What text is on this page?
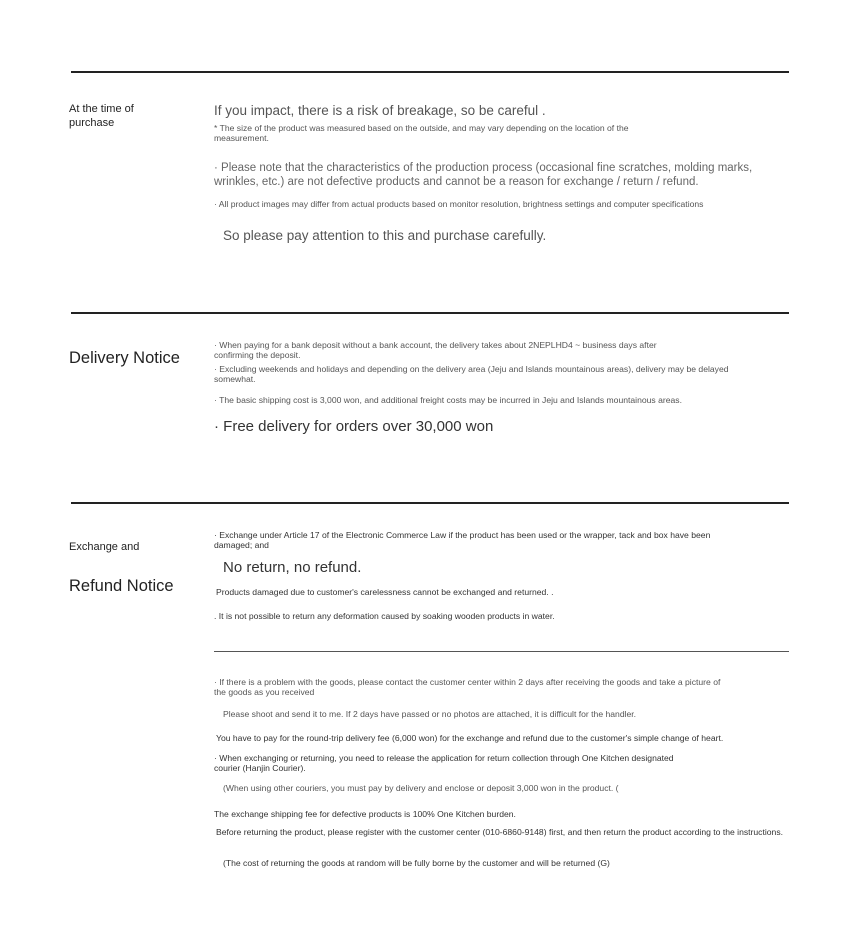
At the time of purchase

If you impact, there is a risk of breakage, so be careful .

* The size of the product was measured based on the outside, and may vary depending on the location of the measurement.

· Please note that the characteristics of the production process (occasional fine scratches, molding marks, wrinkles, etc.) are not defective products and cannot be a reason for exchange / return / refund.

· All product images may differ from actual products based on monitor resolution, brightness settings and computer specifications

So please pay attention to this and purchase carefully.

Delivery Notice

· When paying for a bank deposit without a bank account, the delivery takes about 2NEPLHD4 ~ business days after confirming the deposit.

· Excluding weekends and holidays and depending on the delivery area (Jeju and Islands mountainous areas), delivery may be delayed somewhat.

· The basic shipping cost is 3,000 won, and additional freight costs may be incurred in Jeju and Islands mountainous areas.

· Free delivery for orders over 30,000 won

Exchange and

Refund Notice

· Exchange under Article 17 of the Electronic Commerce Law if the product has been used or the wrapper, tack and box have been damaged; and

No return, no refund.

Products damaged due to customer's carelessness cannot be exchanged and returned. .

. It is not possible to return any deformation caused by soaking wooden products in water.

· If there is a problem with the goods, please contact the customer center within 2 days after receiving the goods and take a picture of the goods as you received

Please shoot and send it to me. If 2 days have passed or no photos are attached, it is difficult for the handler.

You have to pay for the round-trip delivery fee (6,000 won) for the exchange and refund due to the customer's simple change of heart.

· When exchanging or returning, you need to release the application for return collection through One Kitchen designated courier (Hanjin Courier).

(When using other couriers, you must pay by delivery and enclose or deposit 3,000 won in the product. (

The exchange shipping fee for defective products is 100% One Kitchen burden.

Before returning the product, please register with the customer center (010-6860-9148) first, and then return the product according to the instructions.

(The cost of returning the goods at random will be fully borne by the customer and will be returned (G)
